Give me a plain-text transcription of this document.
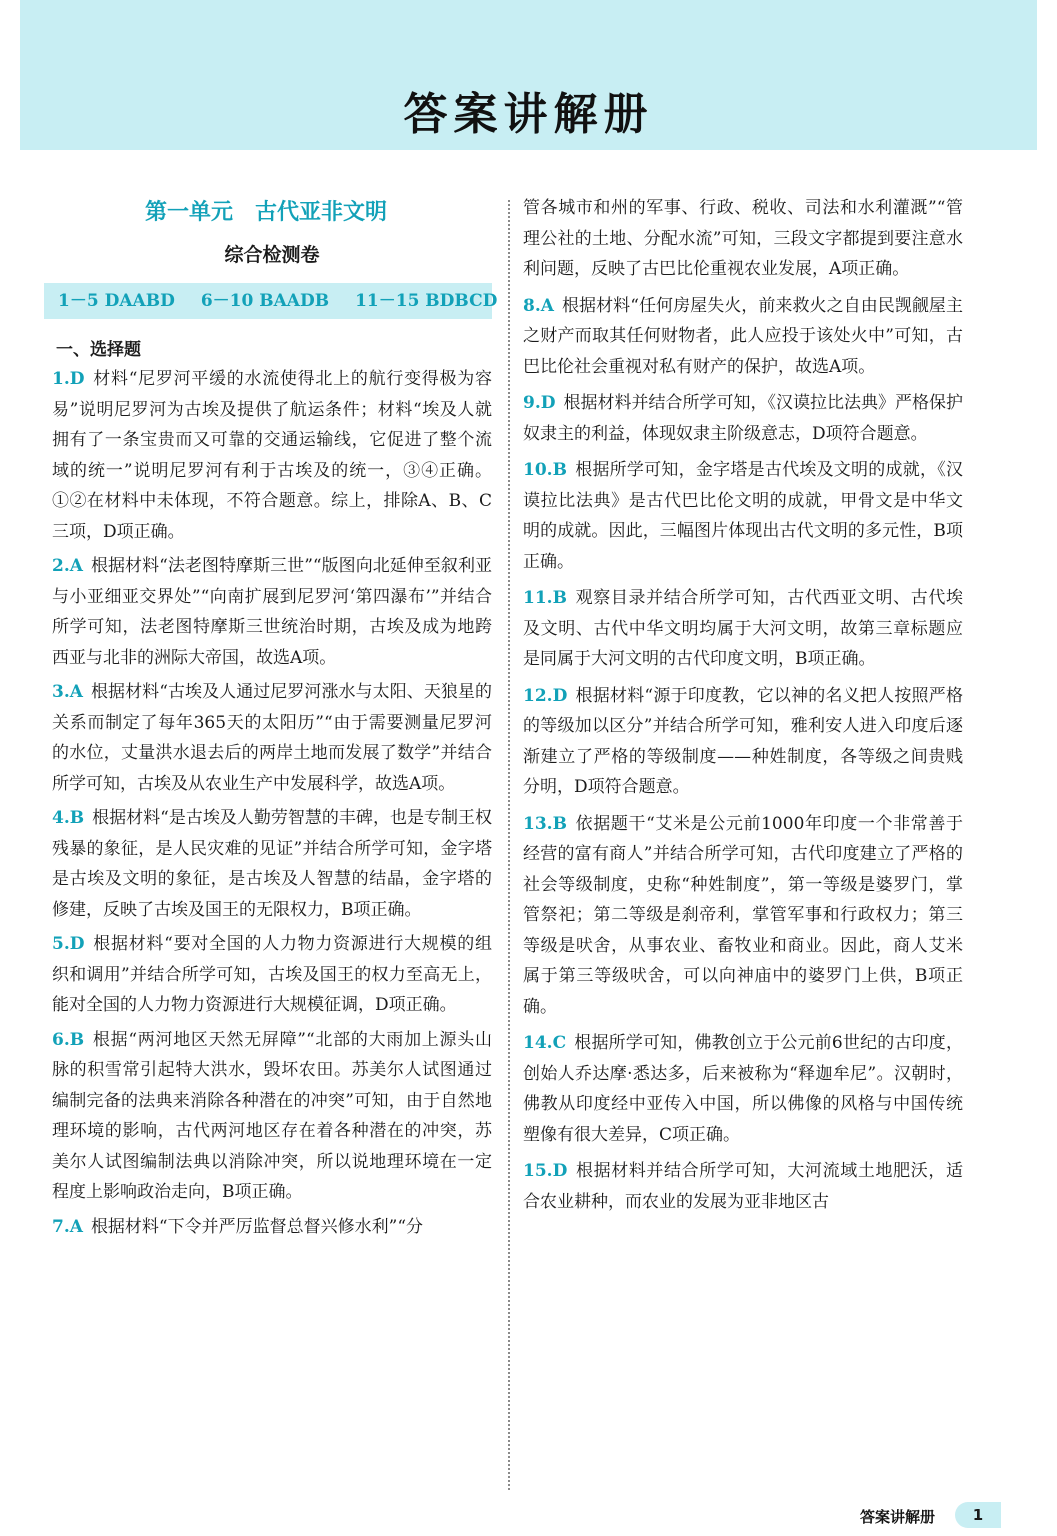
答案讲解册
第一单元 古代亚非文明
综合检测卷
1－5 DAABD 6－10 BAADB 11－15 BDBCD
一、选择题
1.D 材料“尼罗河平缓的水流使得北上的航行变得极为容易”说明尼罗河为古埃及提供了航运条件；材料“埃及人就拥有了一条宝贵而又可靠的交通运输线，它促进了整个流域的统一”说明尼罗河有利于古埃及的统一，③④正确。①②在材料中未体现，不符合题意。综上，排除A、B、C三项，D项正确。
2.A 根据材料“法老图特摩斯三世”“版图向北延伸至叙利亚与小亚细亚交界处”“向南扩展到尼罗河‘第四瀑布’”并结合所学可知，法老图特摩斯三世统治时期，古埃及成为地跨西亚与北非的洲际大帝国，故选A项。
3.A 根据材料“古埃及人通过尼罗河涨水与太阳、天狼星的关系而制定了每年365天的太阳历”“由于需要测量尼罗河的水位，丈量洪水退去后的两岸土地而发展了数学”并结合所学可知，古埃及从农业生产中发展科学，故选A项。
4.B 根据材料“是古埃及人勤劳智慧的丰碑，也是专制王权残暴的象征，是人民灾难的见证”并结合所学可知，金字塔是古埃及文明的象征，是古埃及人智慧的结晶，金字塔的修建，反映了古埃及国王的无限权力，B项正确。
5.D 根据材料“要对全国的人力物力资源进行大规模的组织和调用”并结合所学可知，古埃及国王的权力至高无上，能对全国的人力物力资源进行大规模征调，D项正确。
6.B 根据“两河地区天然无屏障”“北部的大雨加上源头山脉的积雪常引起特大洪水，毁坏农田。苏美尔人试图通过编制完备的法典来消除各种潜在的冲突”可知，由于自然地理环境的影响，古代两河地区存在着各种潜在的冲突，苏美尔人试图编制法典以消除冲突，所以说地理环境在一定程度上影响政治走向，B项正确。
7.A 根据材料“下令并严厉监督总督兴修水利”“分
管各城市和州的军事、行政、税收、司法和水利灌溉”“管理公社的土地、分配水流”可知，三段文字都提到要注意水利问题，反映了古巴比伦重视农业发展，A项正确。
8.A 根据材料“任何房屋失火，前来救火之自由民觊觎屋主之财产而取其任何财物者，此人应投于该处火中”可知，古巴比伦社会重视对私有财产的保护，故选A项。
9.D 根据材料并结合所学可知，《汉谟拉比法典》严格保护奴隶主的利益，体现奴隶主阶级意志，D项符合题意。
10.B 根据所学可知，金字塔是古代埃及文明的成就，《汉谟拉比法典》是古代巴比伦文明的成就，甲骨文是中华文明的成就。因此，三幅图片体现出古代文明的多元性，B项正确。
11.B 观察目录并结合所学可知，古代西亚文明、古代埃及文明、古代中华文明均属于大河文明，故第三章标题应是同属于大河文明的古代印度文明，B项正确。
12.D 根据材料“源于印度教，它以神的名义把人按照严格的等级加以区分”并结合所学可知，雅利安人进入印度后逐渐建立了严格的等级制度——种姓制度，各等级之间贵贱分明，D项符合题意。
13.B 依据题干“艾米是公元前1000年印度一个非常善于经营的富有商人”并结合所学可知，古代印度建立了严格的社会等级制度，史称“种姓制度”，第一等级是婆罗门，掌管祭祀；第二等级是刹帝利，掌管军事和行政权力；第三等级是吠舍，从事农业、畜牧业和商业。因此，商人艾米属于第三等级吠舍，可以向神庙中的婆罗门上供，B项正确。
14.C 根据所学可知，佛教创立于公元前6世纪的古印度，创始人乔达摩·悉达多，后来被称为“释迦牟尼”。汉朝时，佛教从印度经中亚传入中国，所以佛像的风格与中国传统塑像有很大差异，C项正确。
15.D 根据材料并结合所学可知，大河流域土地肥沃，适合农业耕种，而农业的发展为亚非地区古
答案讲解册	1
